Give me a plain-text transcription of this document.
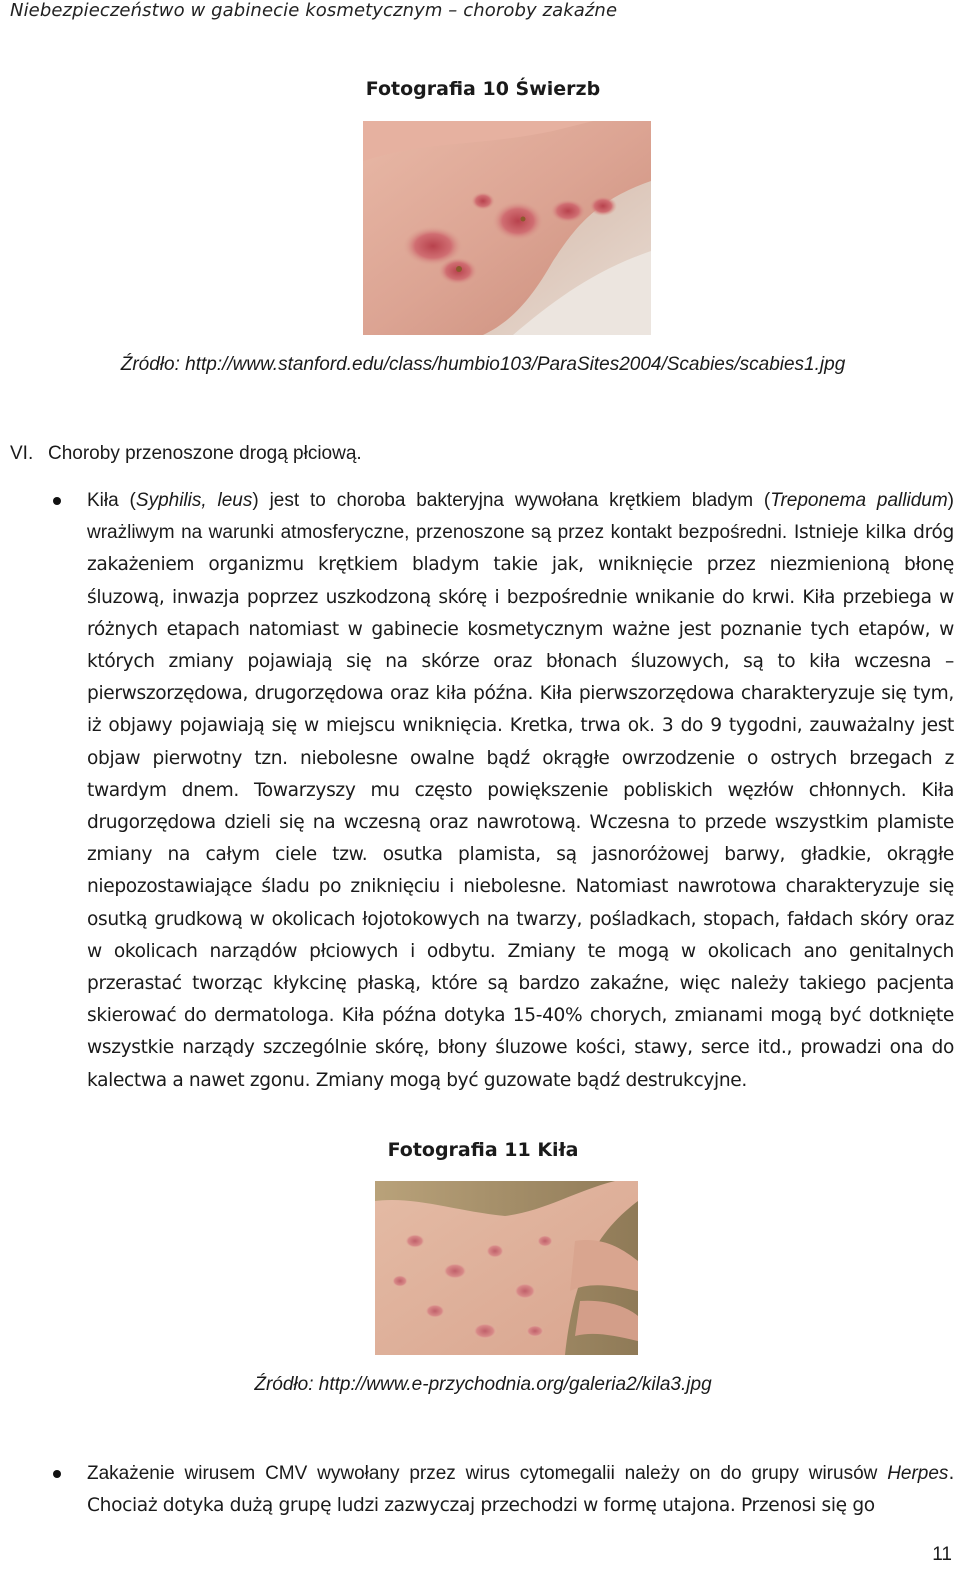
Niebezpieczeństwo w gabinecie kosmetycznym – choroby zakaźne
Fotografia 10 Świerzb
Źródło: http://www.stanford.edu/class/humbio103/ParaSites2004/Scabies/scabies1.jpg
VI. Choroby przenoszone drogą płciową.
Kiła (Syphilis, leus) jest to choroba bakteryjna wywołana krętkiem bladym (Treponema pallidum) wrażliwym na warunki atmosferyczne, przenoszone są przez kontakt bezpośredni. Istnieje kilka dróg zakażeniem organizmu krętkiem bladym takie jak, wniknięcie przez niezmienioną błonę śluzową, inwazja poprzez uszkodzoną skórę i bezpośrednie wnikanie do krwi. Kiła przebiega w różnych etapach natomiast w gabinecie kosmetycznym ważne jest poznanie tych etapów, w których zmiany pojawiają się na skórze oraz błonach śluzowych, są to kiła wczesna – pierwszorzędowa, drugorzędowa oraz kiła późna. Kiła pierwszorzędowa charakteryzuje się tym, iż objawy pojawiają się w miejscu wniknięcia. Kretka, trwa ok. 3 do 9 tygodni, zauważalny jest objaw pierwotny tzn. niebolesne owalne bądź okrągłe owrzodzenie o ostrych brzegach z twardym dnem. Towarzyszy mu często powiększenie pobliskich węzłów chłonnych. Kiła drugorzędowa dzieli się na wczesną oraz nawrotową. Wczesna to przede wszystkim plamiste zmiany na całym ciele tzw. osutka plamista, są jasnoróżowej barwy, gładkie, okrągłe niepozostawiające śladu po zniknięciu i niebolesne. Natomiast nawrotowa charakteryzuje się osutką grudkową w okolicach łojotokowych na twarzy, pośladkach, stopach, fałdach skóry oraz w okolicach narządów płciowych i odbytu. Zmiany te mogą w okolicach ano genitalnych przerastać tworząc kłykcinę płaską, które są bardzo zakaźne, więc należy takiego pacjenta skierować do dermatologa. Kiła późna dotyka 15-40% chorych, zmianami mogą być dotknięte wszystkie narządy szczególnie skórę, błony śluzowe kości, stawy, serce itd., prowadzi ona do kalectwa a nawet zgonu. Zmiany mogą być guzowate bądź destrukcyjne.
Fotografia 11 Kiła
Źródło: http://www.e-przychodnia.org/galeria2/kila3.jpg
Zakażenie wirusem CMV wywołany przez wirus cytomegalii należy on do grupy wirusów Herpes. Chociaż dotyka dużą grupę ludzi zazwyczaj przechodzi w formę utajona. Przenosi się go
11
